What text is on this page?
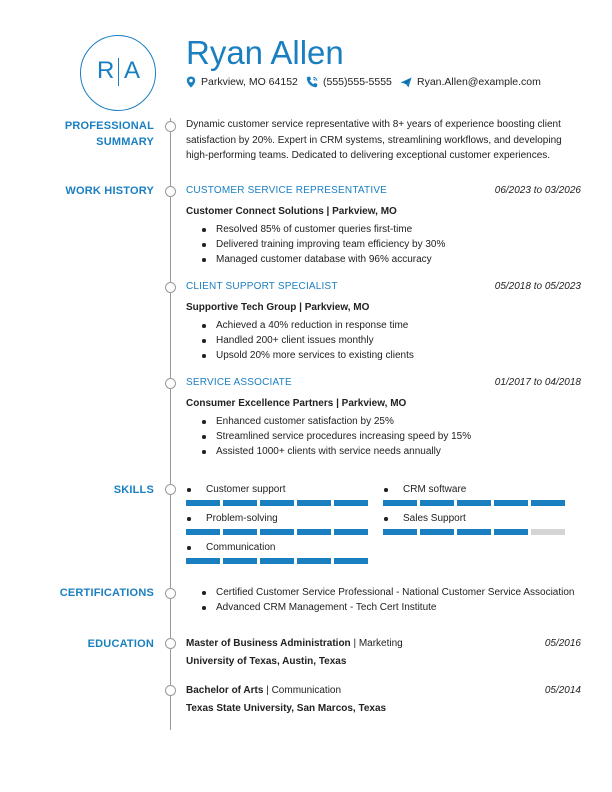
R A Ryan Allen
Parkview, MO 64152 (555)555-5555 Ryan.Allen@example.com
PROFESSIONAL
SUMMARY
Dynamic customer service representative with 8+ years of experience boosting client satisfaction by 20%. Expert in CRM systems, streamlining workflows, and developing high-performing teams. Dedicated to delivering exceptional customer experiences.
WORK HISTORY	CUSTOMER SERVICE REPRESENTATIVE	06/2023 to 03/2026
Customer Connect Solutions | Parkview, MO
Resolved 85% of customer queries first-time
Delivered training improving team efficiency by 30%
Managed customer database with 96% accuracy
CLIENT SUPPORT SPECIALIST	05/2018 to 05/2023
Supportive Tech Group | Parkview, MO
Achieved a 40% reduction in response time
Handled 200+ client issues monthly
Upsold 20% more services to existing clients
SERVICE ASSOCIATE	01/2017 to 04/2018
Consumer Excellence Partners | Parkview, MO
Enhanced customer satisfaction by 25%
Streamlined service procedures increasing speed by 15%
Assisted 1000+ clients with service needs annually
SKILLS	Customer support	CRM software
Problem-solving	Sales Support
Communication
CERTIFICATIONS	Certified Customer Service Professional - National Customer Service Association
Advanced CRM Management - Tech Cert Institute
EDUCATION	Master of Business Administration | Marketing	05/2016
University of Texas, Austin, Texas
Bachelor of Arts | Communication	05/2014
Texas State University, San Marcos, Texas
